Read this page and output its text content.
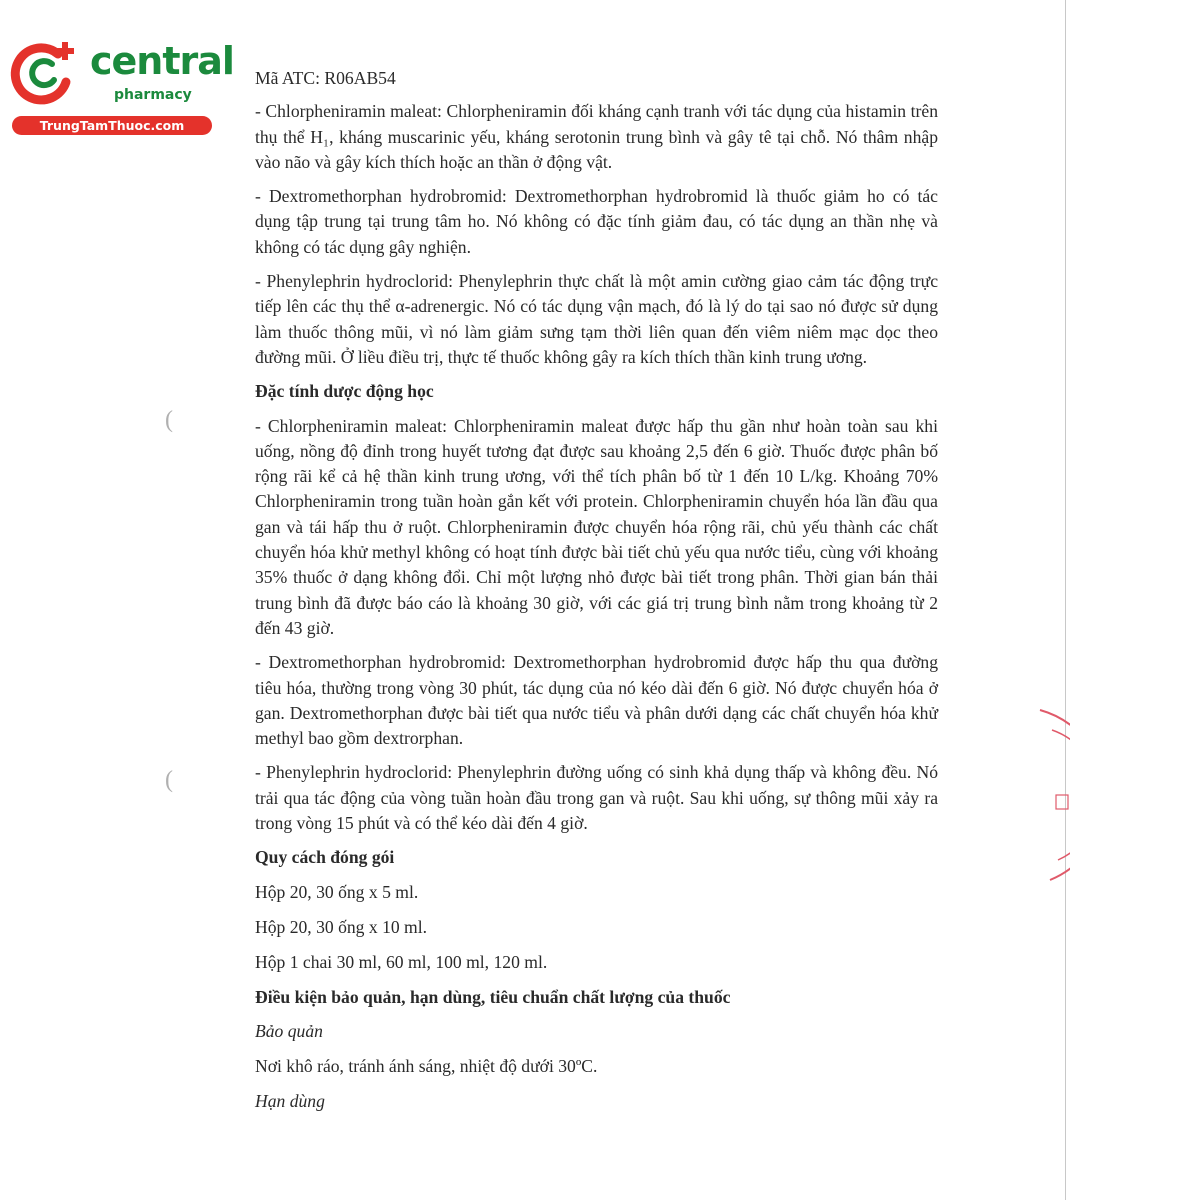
central
pharmacy
TrungTamThuoc.com
(
(

Mã ATC: R06AB54

- Chlorpheniramin maleat: Chlorpheniramin đối kháng cạnh tranh với tác dụng của histamin trên thụ thể H₁, kháng muscarinic yếu, kháng serotonin trung bình và gây tê tại chỗ. Nó thâm nhập vào não và gây kích thích hoặc an thần ở động vật.

- Dextromethorphan hydrobromid: Dextromethorphan hydrobromid là thuốc giảm ho có tác dụng tập trung tại trung tâm ho. Nó không có đặc tính giảm đau, có tác dụng an thần nhẹ và không có tác dụng gây nghiện.

- Phenylephrin hydroclorid: Phenylephrin thực chất là một amin cường giao cảm tác động trực tiếp lên các thụ thể α-adrenergic. Nó có tác dụng vận mạch, đó là lý do tại sao nó được sử dụng làm thuốc thông mũi, vì nó làm giảm sưng tạm thời liên quan đến viêm niêm mạc dọc theo đường mũi. Ở liều điều trị, thực tế thuốc không gây ra kích thích thần kinh trung ương.

Đặc tính dược động học

- Chlorpheniramin maleat: Chlorpheniramin maleat được hấp thu gần như hoàn toàn sau khi uống, nồng độ đỉnh trong huyết tương đạt được sau khoảng 2,5 đến 6 giờ. Thuốc được phân bố rộng rãi kể cả hệ thần kinh trung ương, với thể tích phân bố từ 1 đến 10 L/kg. Khoảng 70% Chlorpheniramin trong tuần hoàn gắn kết với protein. Chlorpheniramin chuyển hóa lần đầu qua gan và tái hấp thu ở ruột. Chlorpheniramin được chuyển hóa rộng rãi, chủ yếu thành các chất chuyển hóa khử methyl không có hoạt tính được bài tiết chủ yếu qua nước tiểu, cùng với khoảng 35% thuốc ở dạng không đổi. Chỉ một lượng nhỏ được bài tiết trong phân. Thời gian bán thải trung bình đã được báo cáo là khoảng 30 giờ, với các giá trị trung bình nằm trong khoảng từ 2 đến 43 giờ.

- Dextromethorphan hydrobromid: Dextromethorphan hydrobromid được hấp thu qua đường tiêu hóa, thường trong vòng 30 phút, tác dụng của nó kéo dài đến 6 giờ. Nó được chuyển hóa ở gan. Dextromethorphan được bài tiết qua nước tiểu và phân dưới dạng các chất chuyển hóa khử methyl bao gồm dextrorphan.

- Phenylephrin hydroclorid: Phenylephrin đường uống có sinh khả dụng thấp và không đều. Nó trải qua tác động của vòng tuần hoàn đầu trong gan và ruột. Sau khi uống, sự thông mũi xảy ra trong vòng 15 phút và có thể kéo dài đến 4 giờ.

Quy cách đóng gói

Hộp 20, 30 ống x 5 ml.

Hộp 20, 30 ống x 10 ml.

Hộp 1 chai 30 ml, 60 ml, 100 ml, 120 ml.

Điều kiện bảo quản, hạn dùng, tiêu chuẩn chất lượng của thuốc

Bảo quản

Nơi khô ráo, tránh ánh sáng, nhiệt độ dưới 30ºC.

Hạn dùng
